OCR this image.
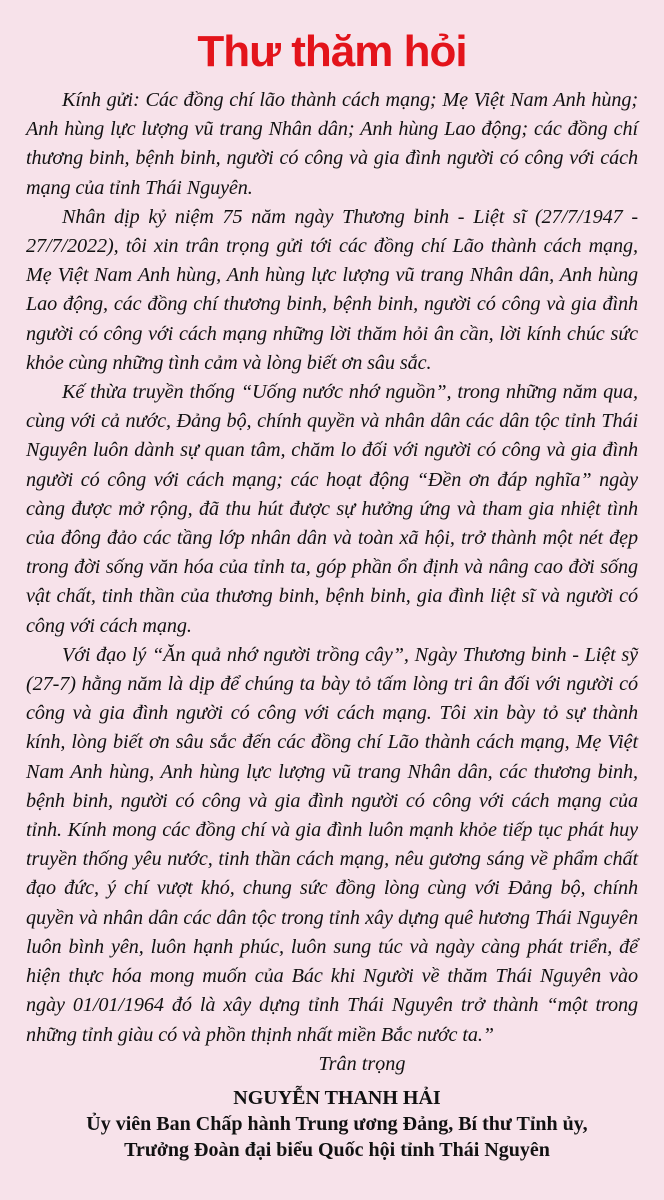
Thư thăm hỏi

Kính gửi: Các đồng chí lão thành cách mạng; Mẹ Việt Nam Anh hùng; Anh hùng lực lượng vũ trang Nhân dân; Anh hùng Lao động; các đồng chí thương binh, bệnh binh, người có công và gia đình người có công với cách mạng của tỉnh Thái Nguyên.

Nhân dịp kỷ niệm 75 năm ngày Thương binh - Liệt sĩ (27/7/1947 - 27/7/2022), tôi xin trân trọng gửi tới các đồng chí Lão thành cách mạng, Mẹ Việt Nam Anh hùng, Anh hùng lực lượng vũ trang Nhân dân, Anh hùng Lao động, các đồng chí thương binh, bệnh binh, người có công và gia đình người có công với cách mạng những lời thăm hỏi ân cần, lời kính chúc sức khỏe cùng những tình cảm và lòng biết ơn sâu sắc.

Kế thừa truyền thống “Uống nước nhớ nguồn”, trong những năm qua, cùng với cả nước, Đảng bộ, chính quyền và nhân dân các dân tộc tỉnh Thái Nguyên luôn dành sự quan tâm, chăm lo đối với người có công và gia đình người có công với cách mạng; các hoạt động “Đền ơn đáp nghĩa” ngày càng được mở rộng, đã thu hút được sự hưởng ứng và tham gia nhiệt tình của đông đảo các tầng lớp nhân dân và toàn xã hội, trở thành một nét đẹp trong đời sống văn hóa của tỉnh ta, góp phần ổn định và nâng cao đời sống vật chất, tinh thần của thương binh, bệnh binh, gia đình liệt sĩ và người có công với cách mạng.

Với đạo lý “Ăn quả nhớ người trồng cây”, Ngày Thương binh - Liệt sỹ (27-7) hằng năm là dịp để chúng ta bày tỏ tấm lòng tri ân đối với người có công và gia đình người có công với cách mạng. Tôi xin bày tỏ sự thành kính, lòng biết ơn sâu sắc đến các đồng chí Lão thành cách mạng, Mẹ Việt Nam Anh hùng, Anh hùng lực lượng vũ trang Nhân dân, các thương binh, bệnh binh, người có công và gia đình người có công với cách mạng của tỉnh. Kính mong các đồng chí và gia đình luôn mạnh khỏe tiếp tục phát huy truyền thống yêu nước, tinh thần cách mạng, nêu gương sáng về phẩm chất đạo đức, ý chí vượt khó, chung sức đồng lòng cùng với Đảng bộ, chính quyền và nhân dân các dân tộc trong tỉnh xây dựng quê hương Thái Nguyên luôn bình yên, luôn hạnh phúc, luôn sung túc và ngày càng phát triển, để hiện thực hóa mong muốn của Bác khi Người về thăm Thái Nguyên vào ngày 01/01/1964 đó là xây dựng tỉnh Thái Nguyên trở thành “một trong những tỉnh giàu có và phồn thịnh nhất miền Bắc nước ta.”

Trân trọng
NGUYỄN THANH HẢI
Ủy viên Ban Chấp hành Trung ương Đảng, Bí thư Tỉnh ủy,
Trưởng Đoàn đại biểu Quốc hội tỉnh Thái Nguyên
